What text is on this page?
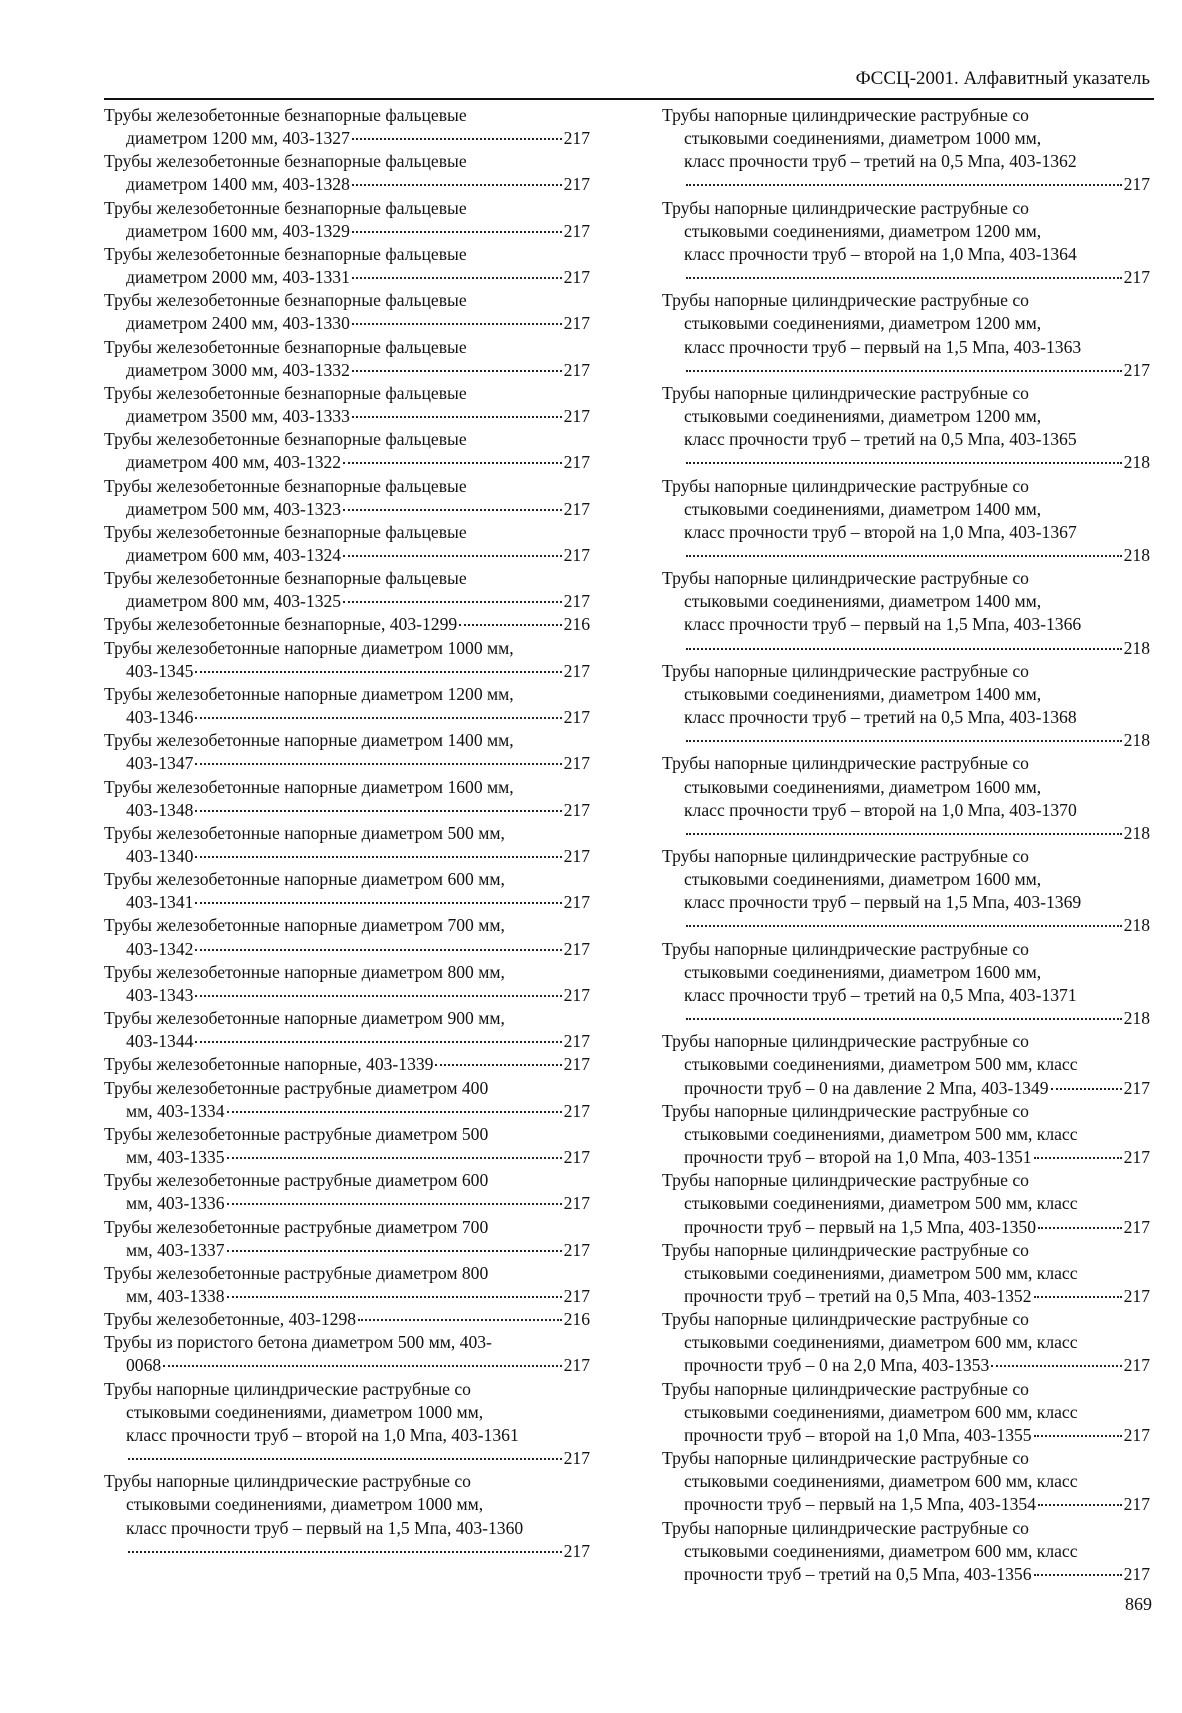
ФССЦ-2001. Алфавитный указатель
Трубы железобетонные безнапорные фальцевые
диаметром 1200 мм, 403-1327	217
Трубы железобетонные безнапорные фальцевые
диаметром 1400 мм, 403-1328	217
Трубы железобетонные безнапорные фальцевые
диаметром 1600 мм, 403-1329	217
Трубы железобетонные безнапорные фальцевые
диаметром 2000 мм, 403-1331	217
Трубы железобетонные безнапорные фальцевые
диаметром 2400 мм, 403-1330	217
Трубы железобетонные безнапорные фальцевые
диаметром 3000 мм, 403-1332	217
Трубы железобетонные безнапорные фальцевые
диаметром 3500 мм, 403-1333	217
Трубы железобетонные безнапорные фальцевые
диаметром 400 мм, 403-1322	217
Трубы железобетонные безнапорные фальцевые
диаметром 500 мм, 403-1323	217
Трубы железобетонные безнапорные фальцевые
диаметром 600 мм, 403-1324	217
Трубы железобетонные безнапорные фальцевые
диаметром 800 мм, 403-1325	217
Трубы железобетонные безнапорные, 403-1299	216
Трубы железобетонные напорные диаметром 1000 мм,
403-1345	217
Трубы железобетонные напорные диаметром 1200 мм,
403-1346	217
Трубы железобетонные напорные диаметром 1400 мм,
403-1347	217
Трубы железобетонные напорные диаметром 1600 мм,
403-1348	217
Трубы железобетонные напорные диаметром 500 мм,
403-1340	217
Трубы железобетонные напорные диаметром 600 мм,
403-1341	217
Трубы железобетонные напорные диаметром 700 мм,
403-1342	217
Трубы железобетонные напорные диаметром 800 мм,
403-1343	217
Трубы железобетонные напорные диаметром 900 мм,
403-1344	217
Трубы железобетонные напорные, 403-1339	217
Трубы железобетонные раструбные диаметром 400
мм, 403-1334	217
Трубы железобетонные раструбные диаметром 500
мм, 403-1335	217
Трубы железобетонные раструбные диаметром 600
мм, 403-1336	217
Трубы железобетонные раструбные диаметром 700
мм, 403-1337	217
Трубы железобетонные раструбные диаметром 800
мм, 403-1338	217
Трубы железобетонные, 403-1298	216
Трубы из пористого бетона диаметром 500 мм, 403-
0068	217
Трубы напорные цилиндрические раструбные со
стыковыми соединениями, диаметром 1000 мм,
класс прочности труб – второй на 1,0 Мпа, 403-1361
217
Трубы напорные цилиндрические раструбные со
стыковыми соединениями, диаметром 1000 мм,
класс прочности труб – первый на 1,5 Мпа, 403-1360
217
Трубы напорные цилиндрические раструбные со
стыковыми соединениями, диаметром 1000 мм,
класс прочности труб – третий на 0,5 Мпа, 403-1362
217
Трубы напорные цилиндрические раструбные со
стыковыми соединениями, диаметром 1200 мм,
класс прочности труб – второй на 1,0 Мпа, 403-1364
217
Трубы напорные цилиндрические раструбные со
стыковыми соединениями, диаметром 1200 мм,
класс прочности труб – первый на 1,5 Мпа, 403-1363
217
Трубы напорные цилиндрические раструбные со
стыковыми соединениями, диаметром 1200 мм,
класс прочности труб – третий на 0,5 Мпа, 403-1365
218
Трубы напорные цилиндрические раструбные со
стыковыми соединениями, диаметром 1400 мм,
класс прочности труб – второй на 1,0 Мпа, 403-1367
218
Трубы напорные цилиндрические раструбные со
стыковыми соединениями, диаметром 1400 мм,
класс прочности труб – первый на 1,5 Мпа, 403-1366
218
Трубы напорные цилиндрические раструбные со
стыковыми соединениями, диаметром 1400 мм,
класс прочности труб – третий на 0,5 Мпа, 403-1368
218
Трубы напорные цилиндрические раструбные со
стыковыми соединениями, диаметром 1600 мм,
класс прочности труб – второй на 1,0 Мпа, 403-1370
218
Трубы напорные цилиндрические раструбные со
стыковыми соединениями, диаметром 1600 мм,
класс прочности труб – первый на 1,5 Мпа, 403-1369
218
Трубы напорные цилиндрические раструбные со
стыковыми соединениями, диаметром 1600 мм,
класс прочности труб – третий на 0,5 Мпа, 403-1371
218
Трубы напорные цилиндрические раструбные со
стыковыми соединениями, диаметром 500 мм, класс
прочности труб – 0 на давление 2 Мпа, 403-1349	217
Трубы напорные цилиндрические раструбные со
стыковыми соединениями, диаметром 500 мм, класс
прочности труб – второй на 1,0 Мпа, 403-1351	217
Трубы напорные цилиндрические раструбные со
стыковыми соединениями, диаметром 500 мм, класс
прочности труб – первый на 1,5 Мпа, 403-1350	217
Трубы напорные цилиндрические раструбные со
стыковыми соединениями, диаметром 500 мм, класс
прочности труб – третий на 0,5 Мпа, 403-1352	217
Трубы напорные цилиндрические раструбные со
стыковыми соединениями, диаметром 600 мм, класс
прочности труб – 0 на 2,0 Мпа, 403-1353	217
Трубы напорные цилиндрические раструбные со
стыковыми соединениями, диаметром 600 мм, класс
прочности труб – второй на 1,0 Мпа, 403-1355	217
Трубы напорные цилиндрические раструбные со
стыковыми соединениями, диаметром 600 мм, класс
прочности труб – первый на 1,5 Мпа, 403-1354	217
Трубы напорные цилиндрические раструбные со
стыковыми соединениями, диаметром 600 мм, класс
прочности труб – третий на 0,5 Мпа, 403-1356	217
869
